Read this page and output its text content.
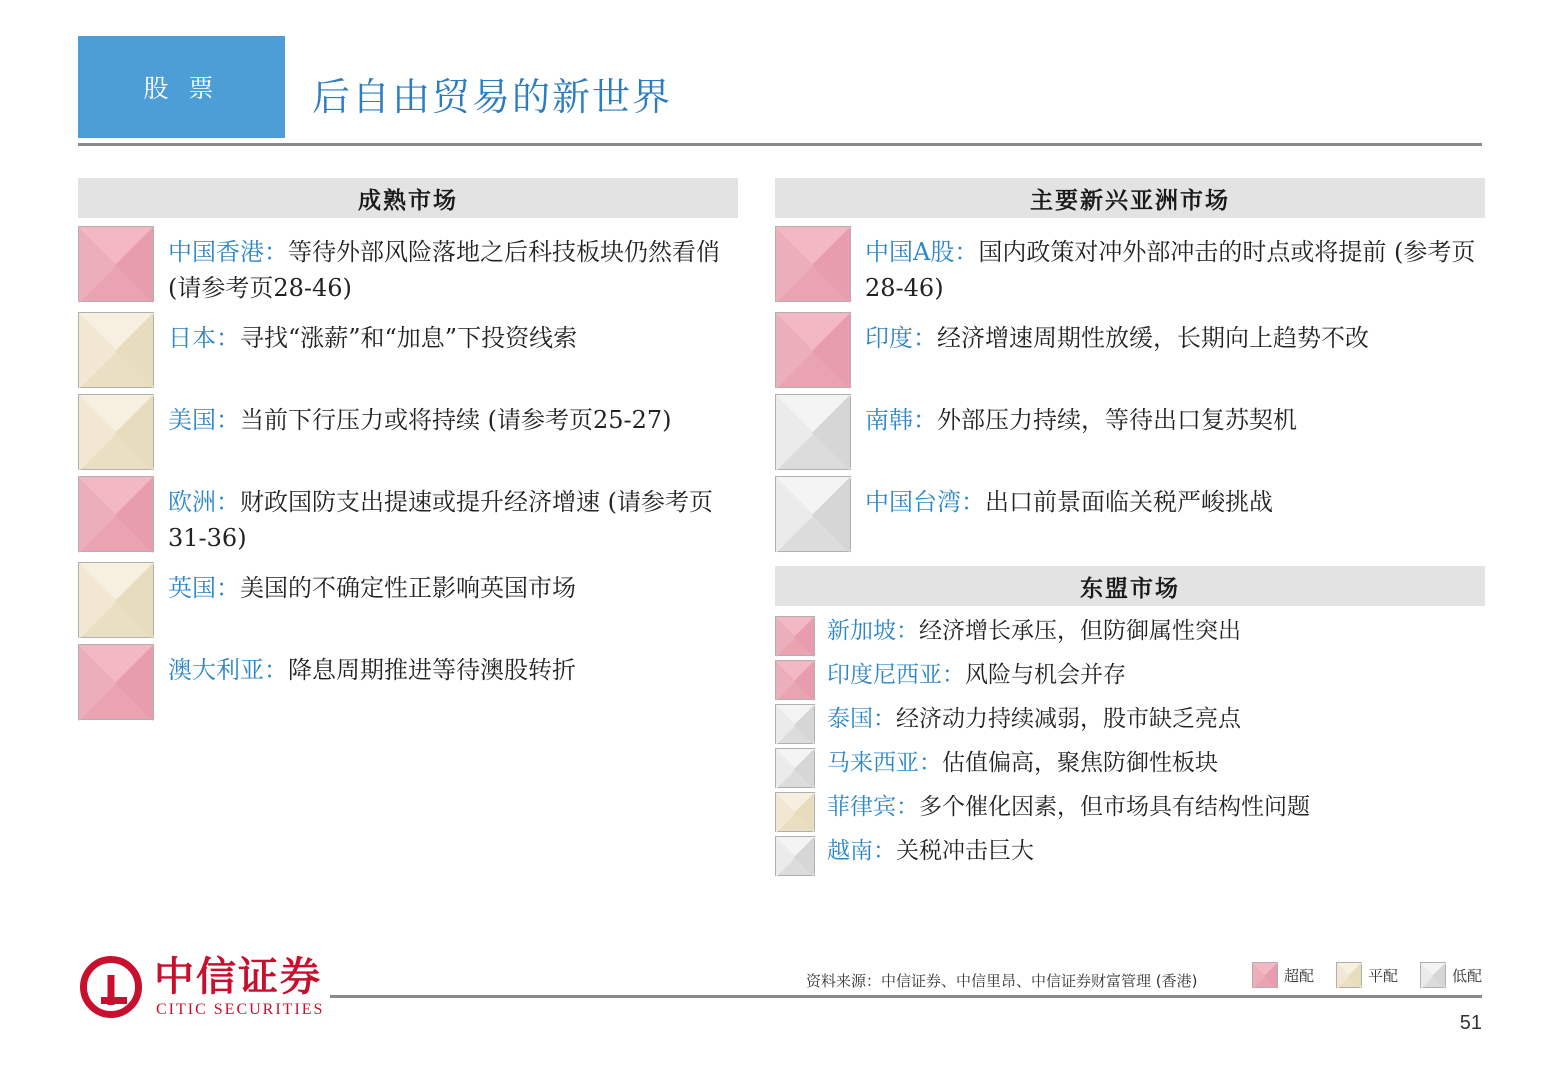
股 票	后自由贸易的新世界
成熟市场
中国香港：等待外部风险落地之后科技板块仍然看俏 (请参考页28-46)
日本：寻找“涨薪”和“加息”下投资线索
美国：当前下行压力或将持续 (请参考页25-27)
欧洲：财政国防支出提速或提升经济增速 (请参考页31-36)
英国：美国的不确定性正影响英国市场
澳大利亚：降息周期推进等待澳股转折
主要新兴亚洲市场
中国A股：国内政策对冲外部冲击的时点或将提前 (参考页28-46)
印度：经济增速周期性放缓，长期向上趋势不改
南韩：外部压力持续，等待出口复苏契机
中国台湾：出口前景面临关税严峻挑战
东盟市场
新加坡：经济增长承压，但防御属性突出
印度尼西亚：风险与机会并存
泰国：经济动力持续减弱，股市缺乏亮点
马来西亚：估值偏高，聚焦防御性板块
菲律宾：多个催化因素，但市场具有结构性问题
越南：关税冲击巨大
中信证券
CITIC SECURITIES
资料来源：中信证券、中信里昂、中信证券财富管理 (香港)	超配	平配	低配
51
